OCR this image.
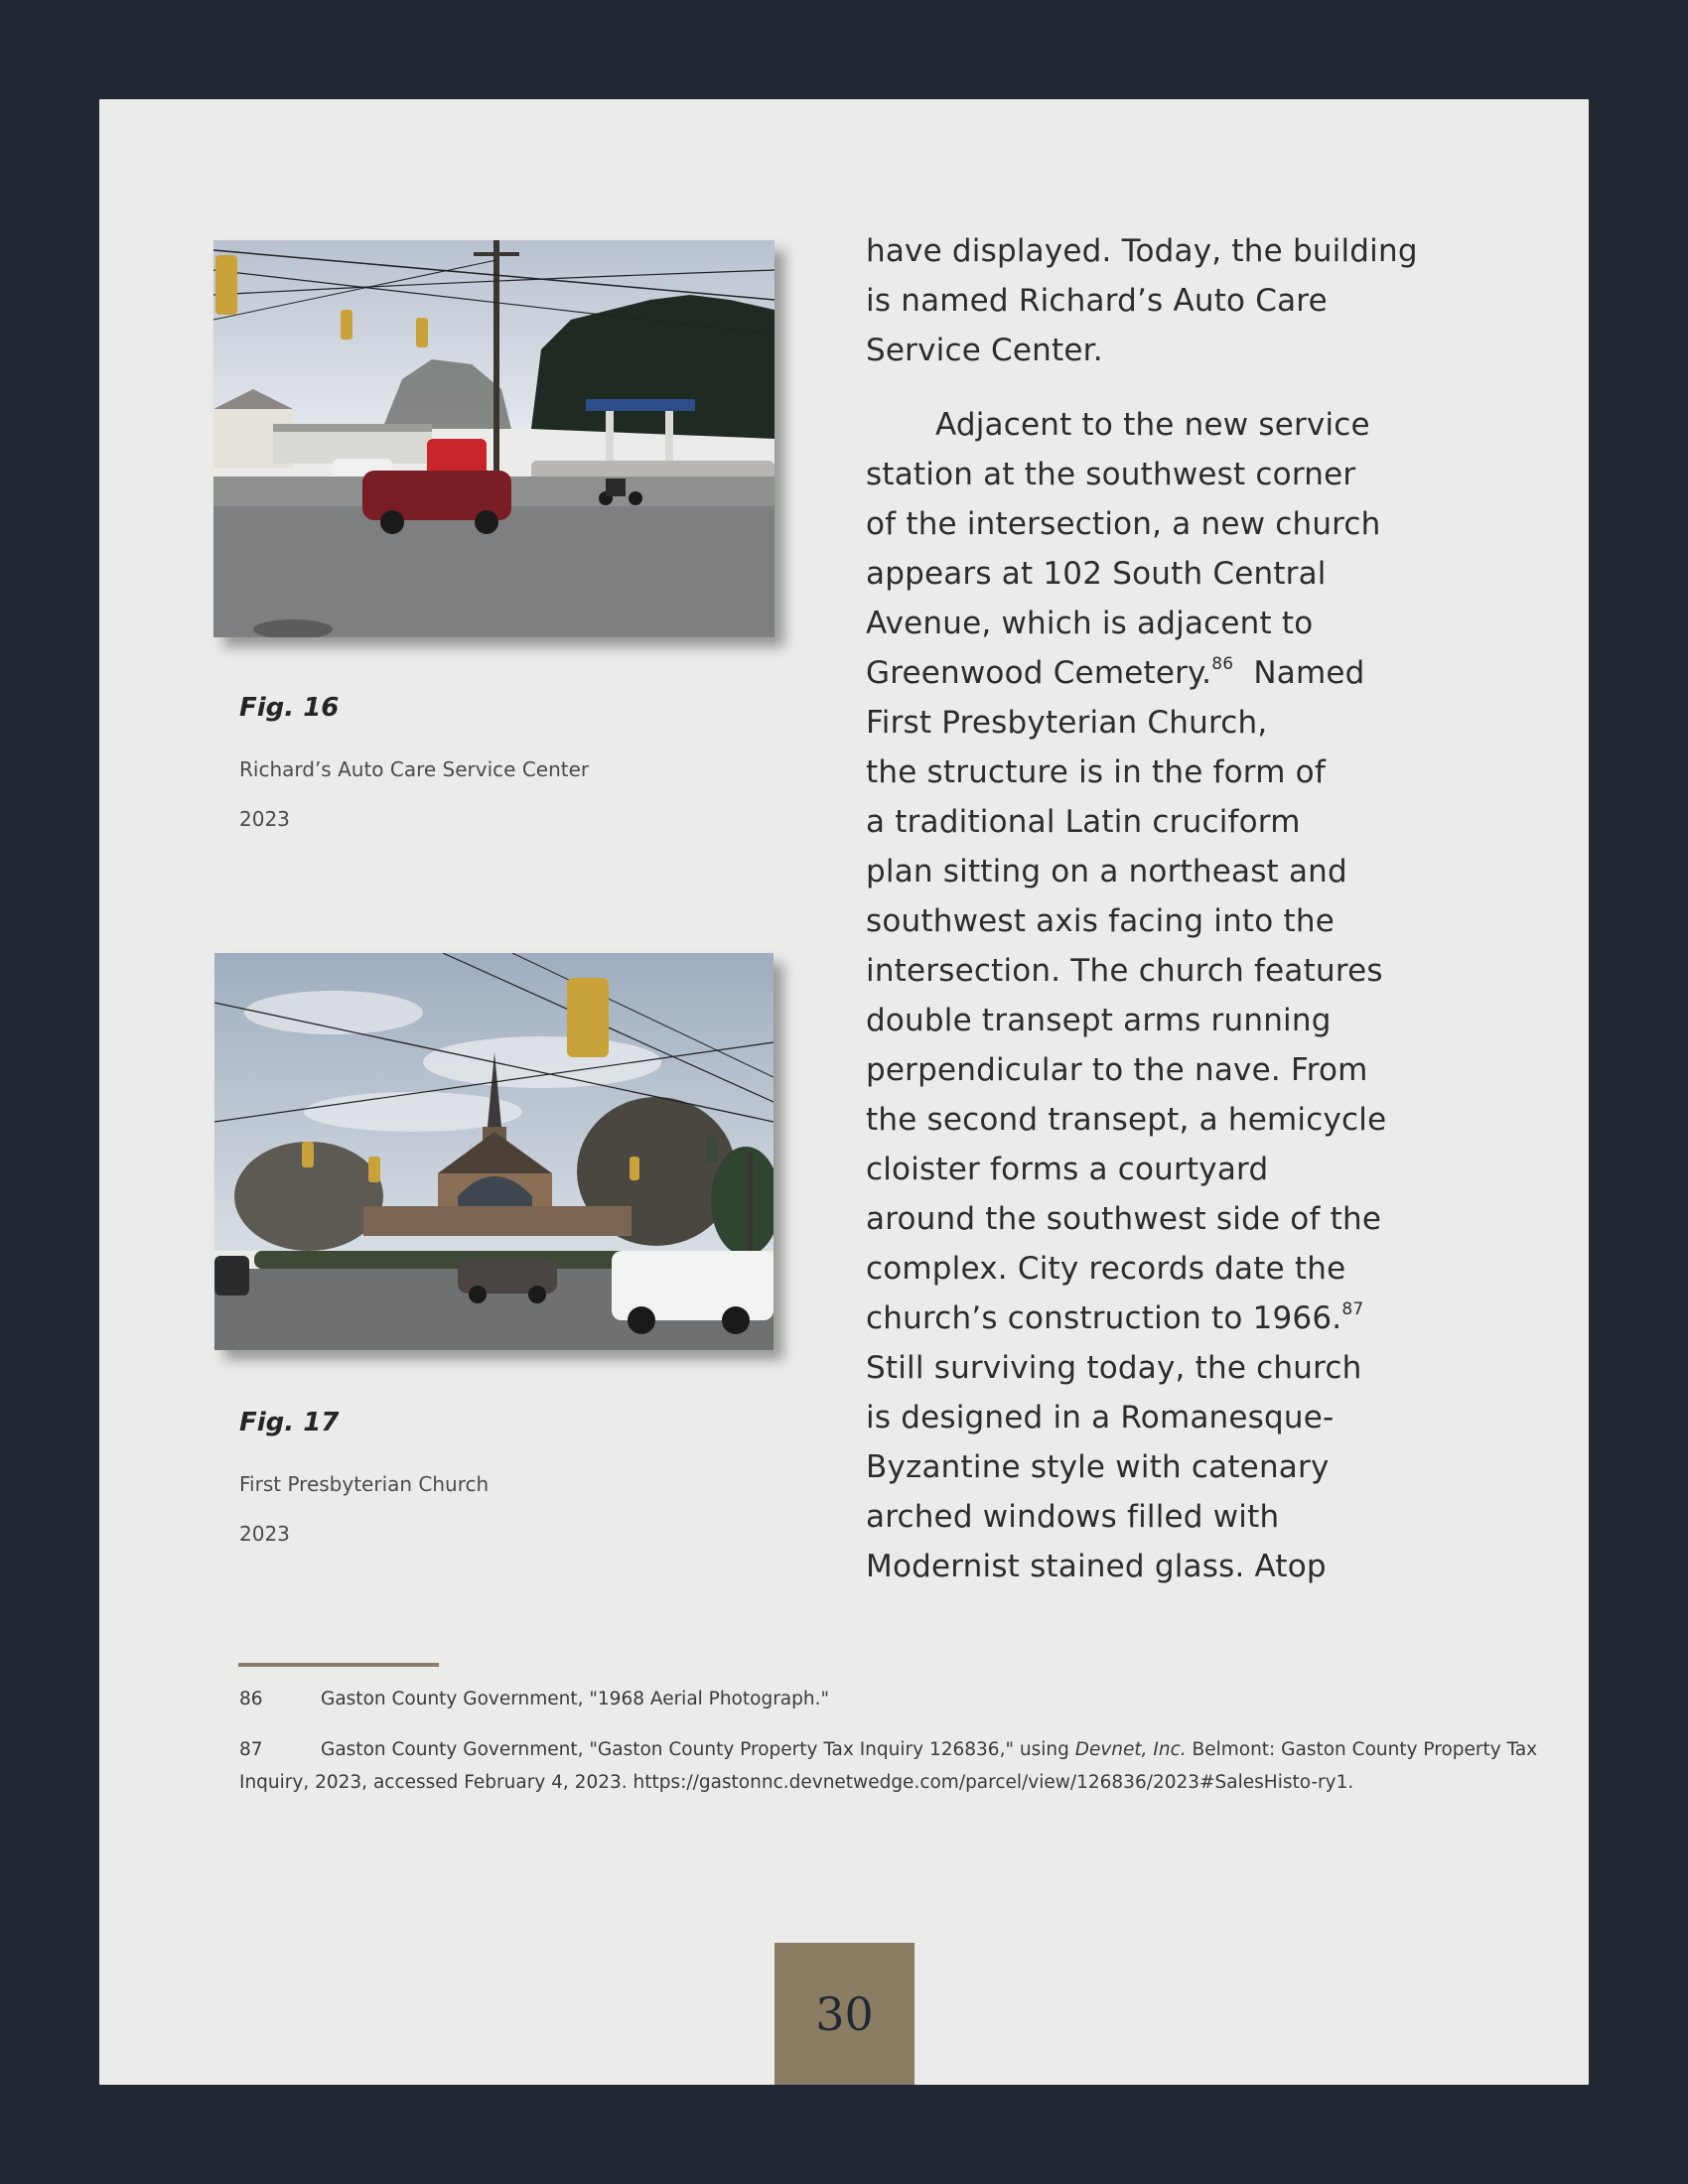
Fig. 16
Richard’s Auto Care Service Center
2023
Fig. 17
First Presbyterian Church
2023
have displayed. Today, the building
is named Richard’s Auto Care
Service Center.
Adjacent to the new service
station at the southwest corner
of the intersection, a new church
appears at 102 South Central
Avenue, which is adjacent to
Greenwood Cemetery.$^{86}$  Named
First Presbyterian Church,
the structure is in the form of
a traditional Latin cruciform
plan sitting on a northeast and
southwest axis facing into the
intersection. The church features
double transept arms running
perpendicular to the nave. From
the second transept, a hemicycle
cloister forms a courtyard
around the southwest side of the
complex. City records date the
church’s construction to 1966.87
Still surviving today, the church
is designed in a Romanesque-
Byzantine style with catenary
arched windows filled with
Modernist stained glass. Atop
86	Gaston County Government, "1968 Aerial Photograph."
87	Gaston County Government, "Gaston County Property Tax Inquiry 126836," using Devnet, Inc. Belmont: Gaston County Property Tax Inquiry, 2023, accessed February 4, 2023. https://gastonnc.devnetwedge.com/parcel/view/126836/2023#SalesHisto-ry1.
30
